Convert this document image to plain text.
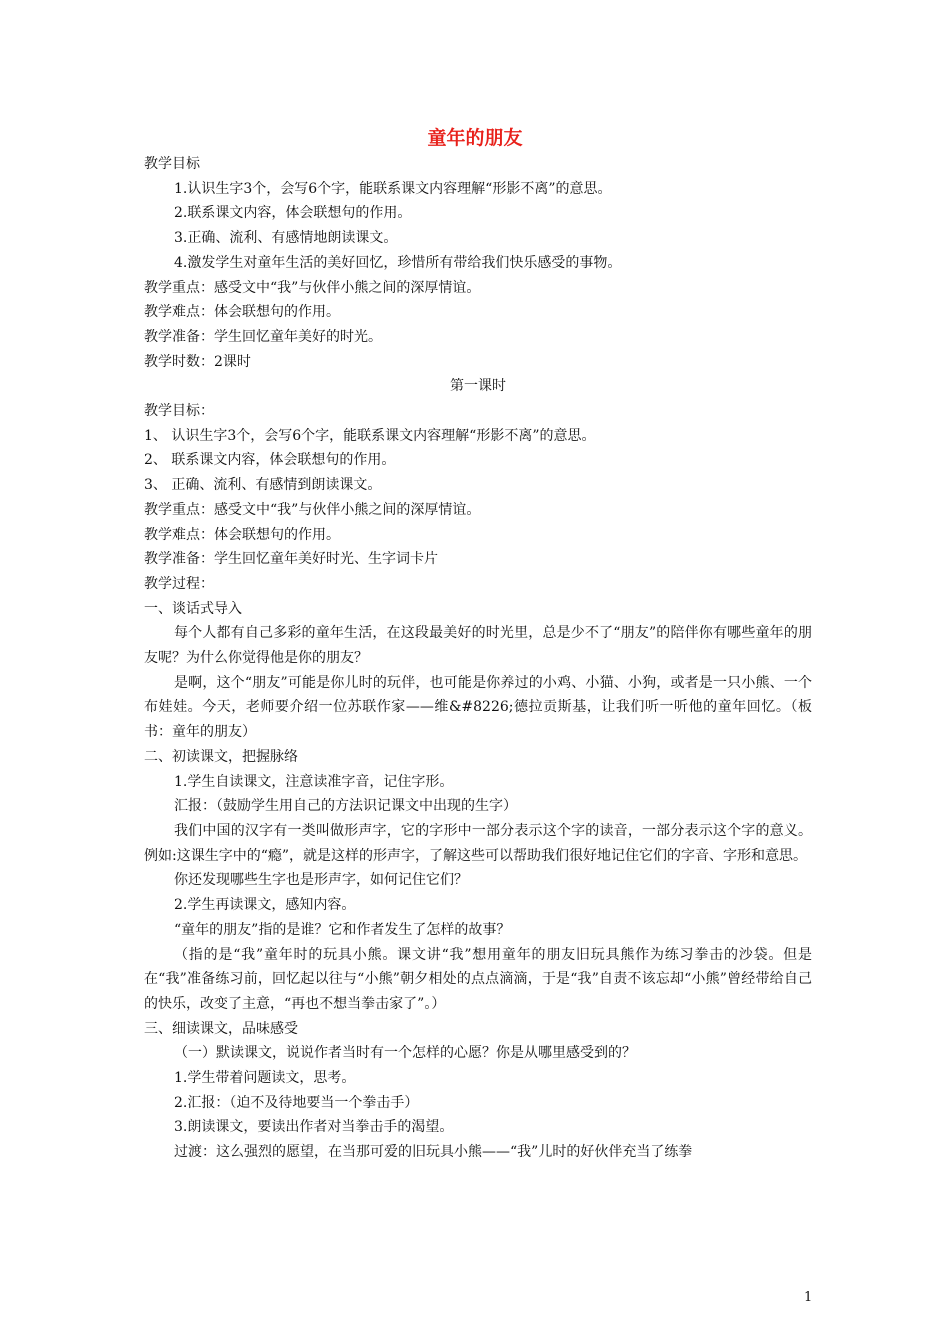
童年的朋友

教学目标

1.认识生字3个，会写6个字，能联系课文内容理解“形影不离”的意思。

2.联系课文内容，体会联想句的作用。

3.正确、流利、有感情地朗读课文。

4.激发学生对童年生活的美好回忆，珍惜所有带给我们快乐感受的事物。

教学重点：感受文中“我”与伙伴小熊之间的深厚情谊。

教学难点：体会联想句的作用。

教学准备：学生回忆童年美好的时光。

教学时数：2课时

第一课时

教学目标：

1、 认识生字3个，会写6个字，能联系课文内容理解“形影不离”的意思。

2、 联系课文内容，体会联想句的作用。

3、 正确、流利、有感情到朗读课文。

教学重点：感受文中“我”与伙伴小熊之间的深厚情谊。

教学难点：体会联想句的作用。

教学准备：学生回忆童年美好时光、生字词卡片

教学过程：

一、谈话式导入

每个人都有自己多彩的童年生活，在这段最美好的时光里，总是少不了“朋友”的陪伴你有哪些童年的朋友呢？为什么你觉得他是你的朋友？

是啊，这个“朋友”可能是你儿时的玩伴，也可能是你养过的小鸡、小猫、小狗，或者是一只小熊、一个布娃娃。今天，老师要介绍一位苏联作家——维&#8226;德拉贡斯基，让我们听一听他的童年回忆。（板书：童年的朋友）

二、初读课文，把握脉络

1.学生自读课文，注意读准字音，记住字形。

汇报：（鼓励学生用自己的方法识记课文中出现的生字）

我们中国的汉字有一类叫做形声字，它的字形中一部分表示这个字的读音，一部分表示这个字的意义。例如:这课生字中的“瘾”，就是这样的形声字，了解这些可以帮助我们很好地记住它们的字音、字形和意思。

你还发现哪些生字也是形声字，如何记住它们？

2.学生再读课文，感知内容。

“童年的朋友”指的是谁？它和作者发生了怎样的故事？

（指的是“我”童年时的玩具小熊。课文讲“我”想用童年的朋友旧玩具熊作为练习拳击的沙袋。但是在“我”准备练习前，回忆起以往与“小熊”朝夕相处的点点滴滴，于是“我”自责不该忘却“小熊”曾经带给自己的快乐，改变了主意，“再也不想当拳击家了”。）

三、细读课文，品味感受

（一）默读课文，说说作者当时有一个怎样的心愿？你是从哪里感受到的？

1.学生带着问题读文，思考。

2.汇报：（迫不及待地要当一个拳击手）

3.朗读课文，要读出作者对当拳击手的渴望。

过渡：这么强烈的愿望，在当那可爱的旧玩具小熊——“我”儿时的好伙伴充当了练拳

1
